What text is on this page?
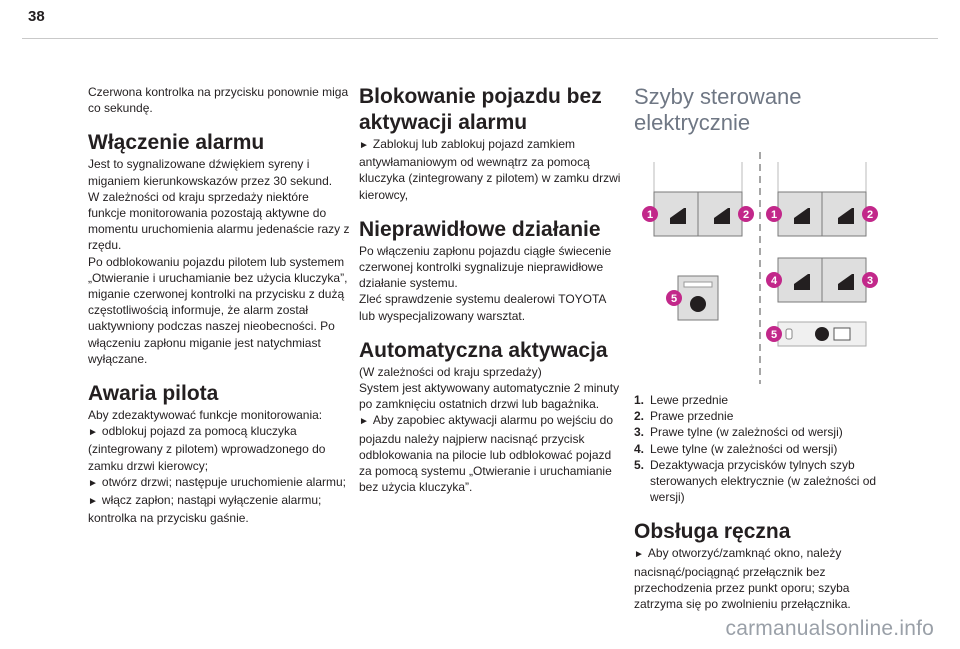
38

Czerwona kontrolka na przycisku ponownie miga co sekundę.

Włączenie alarmu

Jest to sygnalizowane dźwiękiem syreny i miganiem kierunkowskazów przez 30 sekund.

W zależności od kraju sprzedaży niektóre funkcje monitorowania pozostają aktywne do momentu uruchomienia alarmu jedenaście razy z rzędu.

Po odblokowaniu pojazdu pilotem lub systemem „Otwieranie i uruchamianie bez użycia kluczyka”, miganie czerwonej kontrolki na przycisku z dużą częstotliwością informuje, że alarm został uaktywniony podczas naszej nieobecności. Po włączeniu zapłonu miganie jest natychmiast wyłączane.

Awaria pilota

Aby zdezaktywować funkcje monitorowania:

► odblokuj pojazd za pomocą kluczyka (zintegrowany z pilotem) wprowadzonego do zamku drzwi kierowcy;

► otwórz drzwi; następuje uruchomienie alarmu;

► włącz zapłon; nastąpi wyłączenie alarmu; kontrolka na przycisku gaśnie.

Blokowanie pojazdu bez aktywacji alarmu

► Zablokuj lub zablokuj pojazd zamkiem antywłamaniowym od wewnątrz za pomocą kluczyka (zintegrowany z pilotem) w zamku drzwi kierowcy,

Nieprawidłowe działanie

Po włączeniu zapłonu pojazdu ciągłe świecenie czerwonej kontrolki sygnalizuje nieprawidłowe działanie systemu.

Zleć sprawdzenie systemu dealerowi TOYOTA lub wyspecjalizowany warsztat.

Automatyczna aktywacja

(W zależności od kraju sprzedaży)

System jest aktywowany automatycznie 2 minuty po zamknięciu ostatnich drzwi lub bagażnika.

► Aby zapobiec aktywacji alarmu po wejściu do pojazdu należy najpierw nacisnąć przycisk odblokowania na pilocie lub odblokować pojazd za pomocą systemu „Otwieranie i uruchamianie bez użycia kluczyka”.

Szyby sterowane elektrycznie
1	2
5
1	2
4	3
5
1. Lewe przednie
2. Prawe przednie
3. Prawe tylne (w zależności od wersji)
4. Lewe tylne (w zależności od wersji)
5. Dezaktywacja przycisków tylnych szyb sterowanych elektrycznie (w zależności od wersji)
Obsługa ręczna

► Aby otworzyć/zamknąć okno, należy nacisnąć/pociągnąć przełącznik bez przechodzenia przez punkt oporu; szyba zatrzyma się po zwolnieniu przełącznika.

carmanualsonline.info
